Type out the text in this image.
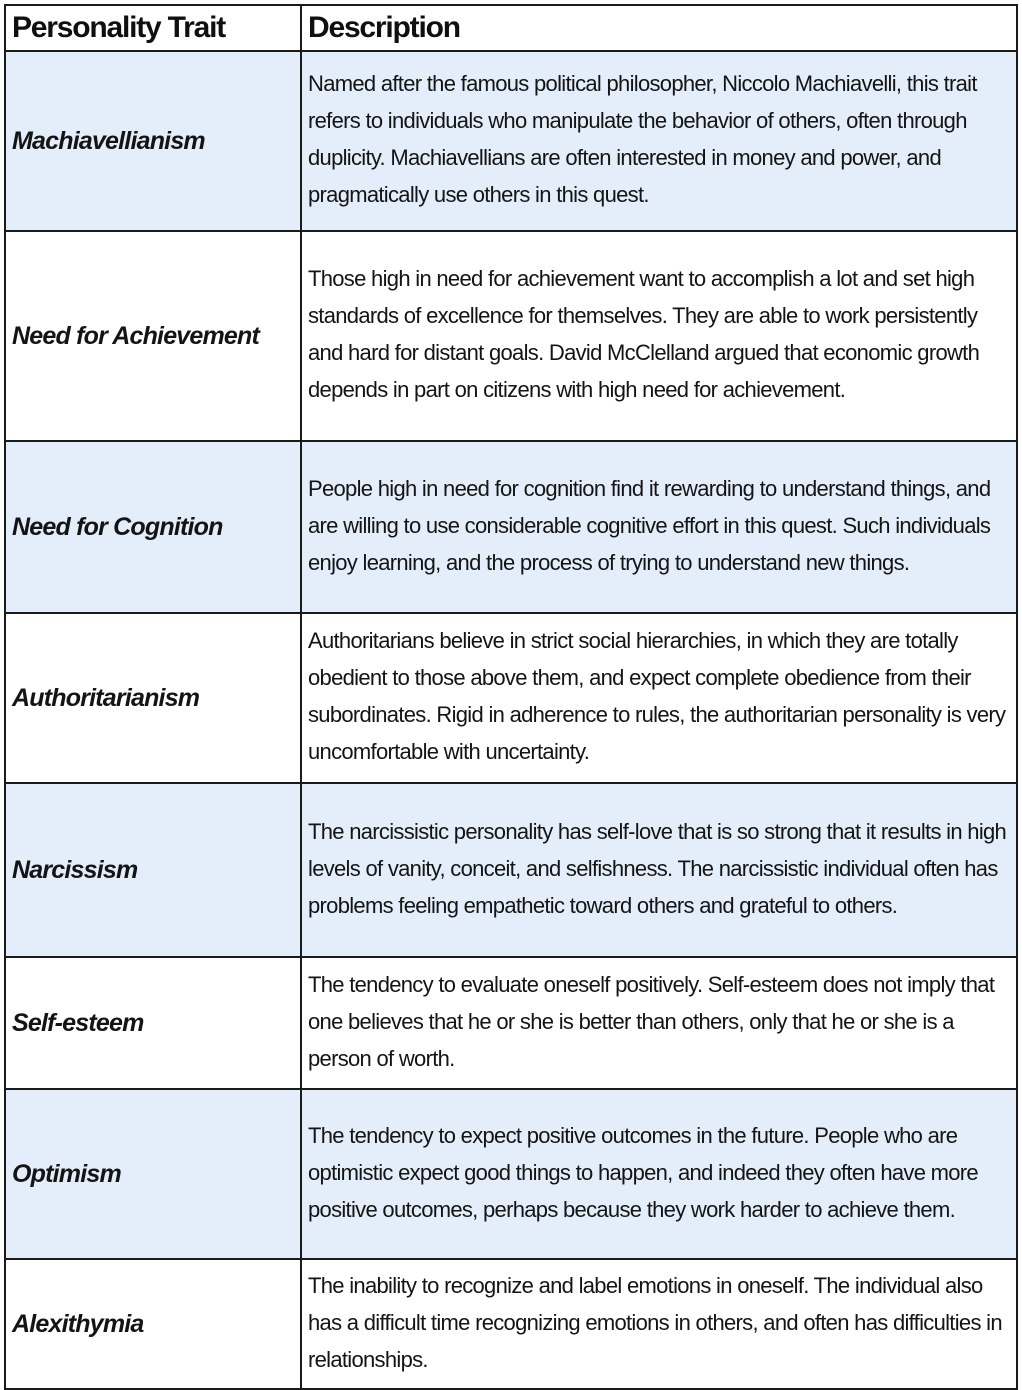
Personality Trait	Description
Machiavellianism	Named after the famous political philosopher, Niccolo Machiavelli, this trait refers to individuals who manipulate the behavior of others, often through duplicity. Machiavellians are often interested in money and power, and pragmatically use others in this quest.
Need for Achievement	Those high in need for achievement want to accomplish a lot and set high standards of excellence for themselves. They are able to work persistently and hard for distant goals. David McClelland argued that economic growth depends in part on citizens with high need for achievement.
Need for Cognition	People high in need for cognition find it rewarding to understand things, and are willing to use considerable cognitive effort in this quest. Such individuals enjoy learning, and the process of trying to understand new things.
Authoritarianism	Authoritarians believe in strict social hierarchies, in which they are totally obedient to those above them, and expect complete obedience from their subordinates. Rigid in adherence to rules, the authoritarian personality is very uncomfortable with uncertainty.
Narcissism	The narcissistic personality has self-love that is so strong that it results in high levels of vanity, conceit, and selfishness. The narcissistic individual often has problems feeling empathetic toward others and grateful to others.
Self-esteem	The tendency to evaluate oneself positively. Self-esteem does not imply that one believes that he or she is better than others, only that he or she is a person of worth.
Optimism	The tendency to expect positive outcomes in the future. People who are optimistic expect good things to happen, and indeed they often have more positive outcomes, perhaps because they work harder to achieve them.
Alexithymia	The inability to recognize and label emotions in oneself. The individual also has a difficult time recognizing emotions in others, and often has difficulties in relationships.
